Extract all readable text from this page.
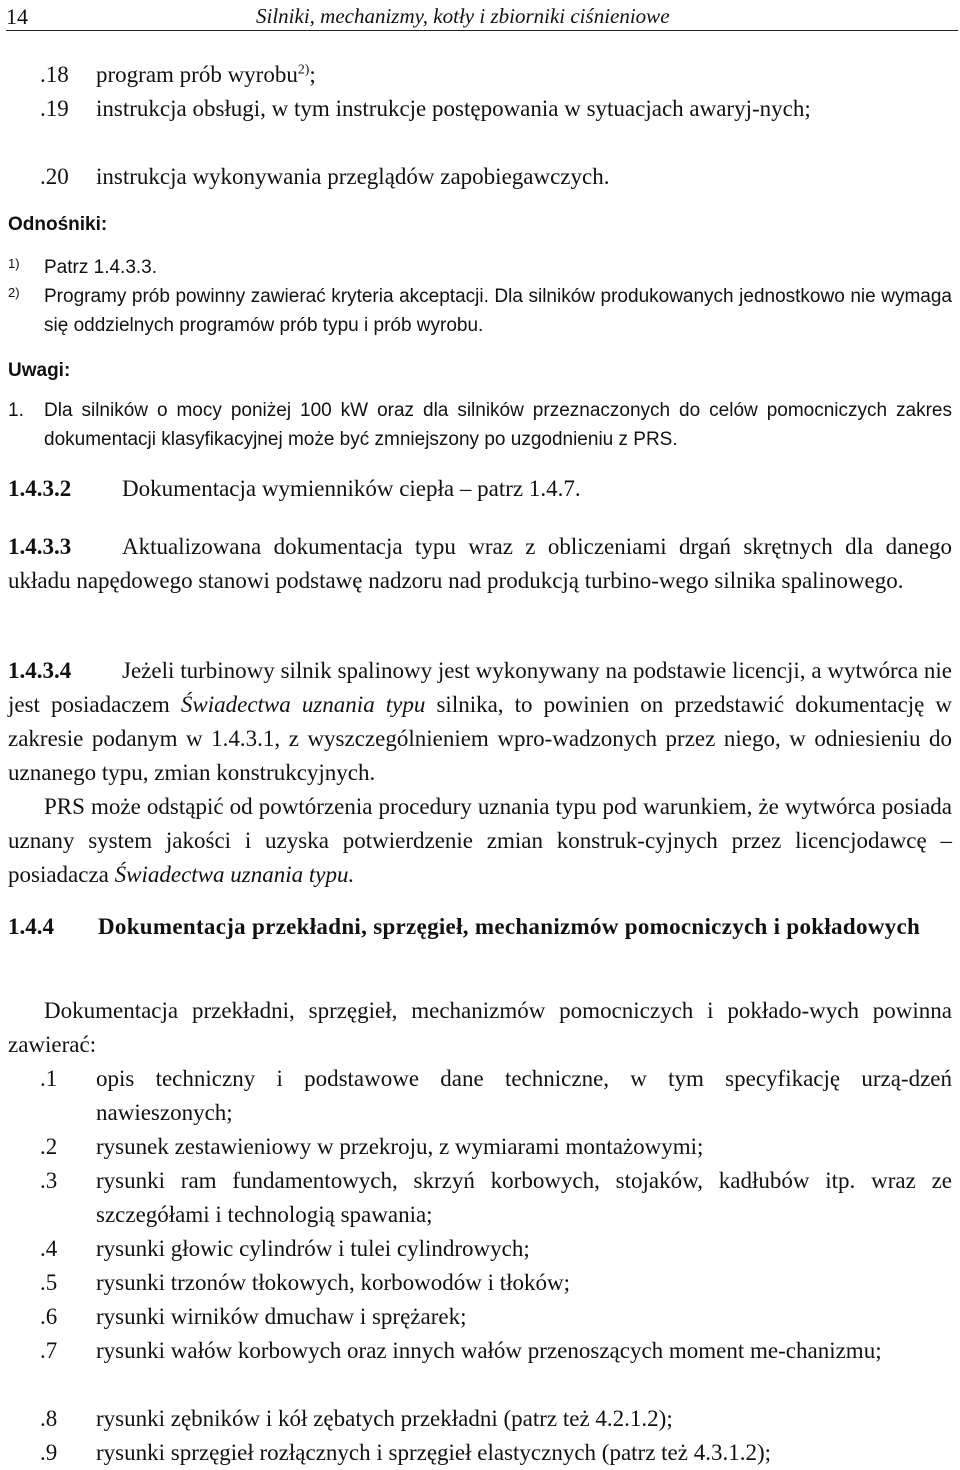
14	Silniki, mechanizmy, kotły i zbiorniki ciśnieniowe
.18 program prób wyrobu$^{2)}$;
.19 instrukcja obsługi, w tym instrukcje postępowania w sytuacjach awaryj-nych;
.20 instrukcja wykonywania przeglądów zapobiegawczych.
Odnośniki:
1) Patrz 1.4.3.3.
2) Programy prób powinny zawierać kryteria akceptacji. Dla silników produkowanych jednostkowo nie wymaga się oddzielnych programów prób typu i prób wyrobu.
Uwagi:
1. Dla silników o mocy poniżej 100 kW oraz dla silników przeznaczonych do celów pomocniczych zakres dokumentacji klasyfikacyjnej może być zmniejszony po uzgodnieniu z PRS.
1.4.3.2 Dokumentacja wymienników ciepła – patrz 1.4.7.
1.4.3.3 Aktualizowana dokumentacja typu wraz z obliczeniami drgań skrętnych dla danego układu napędowego stanowi podstawę nadzoru nad produkcją turbino-wego silnika spalinowego.
1.4.3.4 Jeżeli turbinowy silnik spalinowy jest wykonywany na podstawie licencji, a wytwórca nie jest posiadaczem Świadectwa uznania typu silnika, to powinien on przedstawić dokumentację w zakresie podanym w 1.4.3.1, z wyszczególnieniem wpro-wadzonych przez niego, w odniesieniu do uznanego typu, zmian konstrukcyjnych.
PRS może odstąpić od powtórzenia procedury uznania typu pod warunkiem, że wytwórca posiada uznany system jakości i uzyska potwierdzenie zmian konstruk-cyjnych przez licencjodawcę – posiadacza Świadectwa uznania typu.
1.4.4 Dokumentacja przekładni, sprzęgieł, mechanizmów pomocniczych i pokładowych
Dokumentacja przekładni, sprzęgieł, mechanizmów pomocniczych i pokłado-wych powinna zawierać:
.1 opis techniczny i podstawowe dane techniczne, w tym specyfikację urzą-dzeń nawieszonych;
.2 rysunek zestawieniowy w przekroju, z wymiarami montażowymi;
.3 rysunki ram fundamentowych, skrzyń korbowych, stojaków, kadłubów itp. wraz ze szczegółami i technologią spawania;
.4 rysunki głowic cylindrów i tulei cylindrowych;
.5 rysunki trzonów tłokowych, korbowodów i tłoków;
.6 rysunki wirników dmuchaw i sprężarek;
.7 rysunki wałów korbowych oraz innych wałów przenoszących moment me-chanizmu;
.8 rysunki zębników i kół zębatych przekładni (patrz też 4.2.1.2);
.9 rysunki sprzęgieł rozłącznych i sprzęgieł elastycznych (patrz też 4.3.1.2);
